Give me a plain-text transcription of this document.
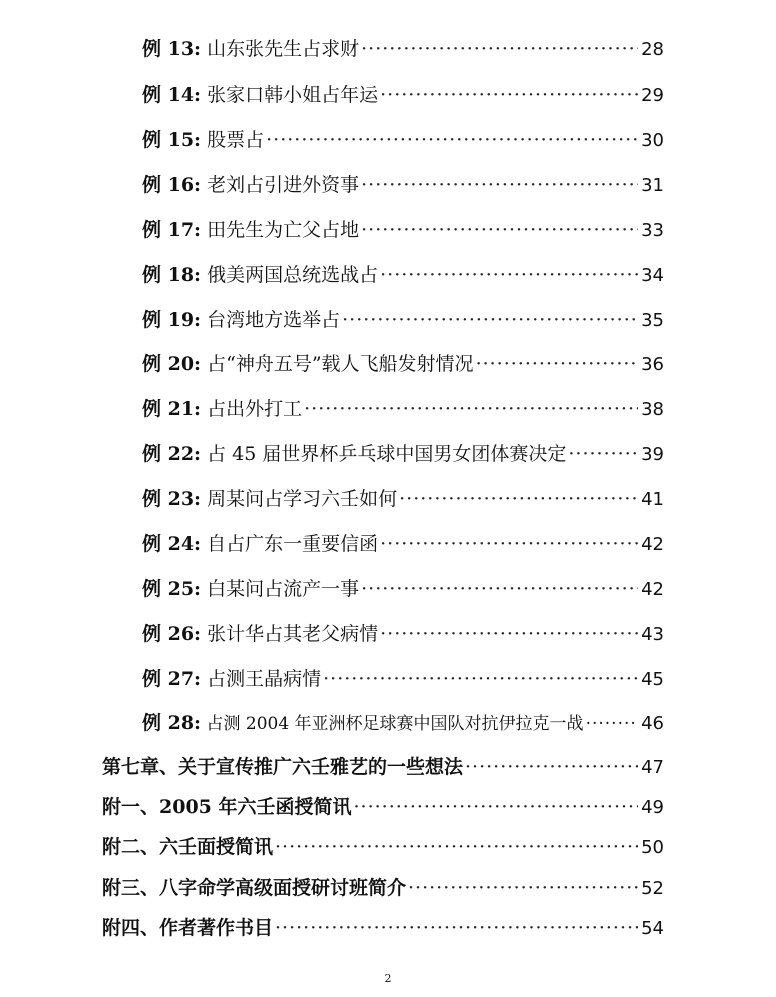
例 13: 山东张先生占求财 ·····	28
例 14: 张家口韩小姐占年运 ·····	29
例 15: 股票占 ·····	30
例 16: 老刘占引进外资事 ·····	31
例 17: 田先生为亡父占地 ·····	33
例 18: 俄美两国总统选战占 ·····	34
例 19: 台湾地方选举占 ·····	35
例 20: 占“神舟五号”载人飞船发射情况 ·····	36
例 21: 占出外打工 ·····	38
例 22: 占 45 届世界杯乒乓球中国男女团体赛决定 ·····	39
例 23: 周某问占学习六壬如何 ·····	41
例 24: 自占广东一重要信函 ·····	42
例 25: 白某问占流产一事 ·····	42
例 26: 张计华占其老父病情 ·····	43
例 27: 占测王晶病情 ·····	45
例 28: 占测 2004 年亚洲杯足球赛中国队对抗伊拉克一战 ·····	46
第七章、关于宣传推广六壬雅艺的一些想法 ·····	47
附一、2005 年六壬函授简讯 ·····	49
附二、六壬面授简讯 ·····	50
附三、八字命学高级面授研讨班简介 ·····	52
附四、作者著作书目 ·····	54
2
